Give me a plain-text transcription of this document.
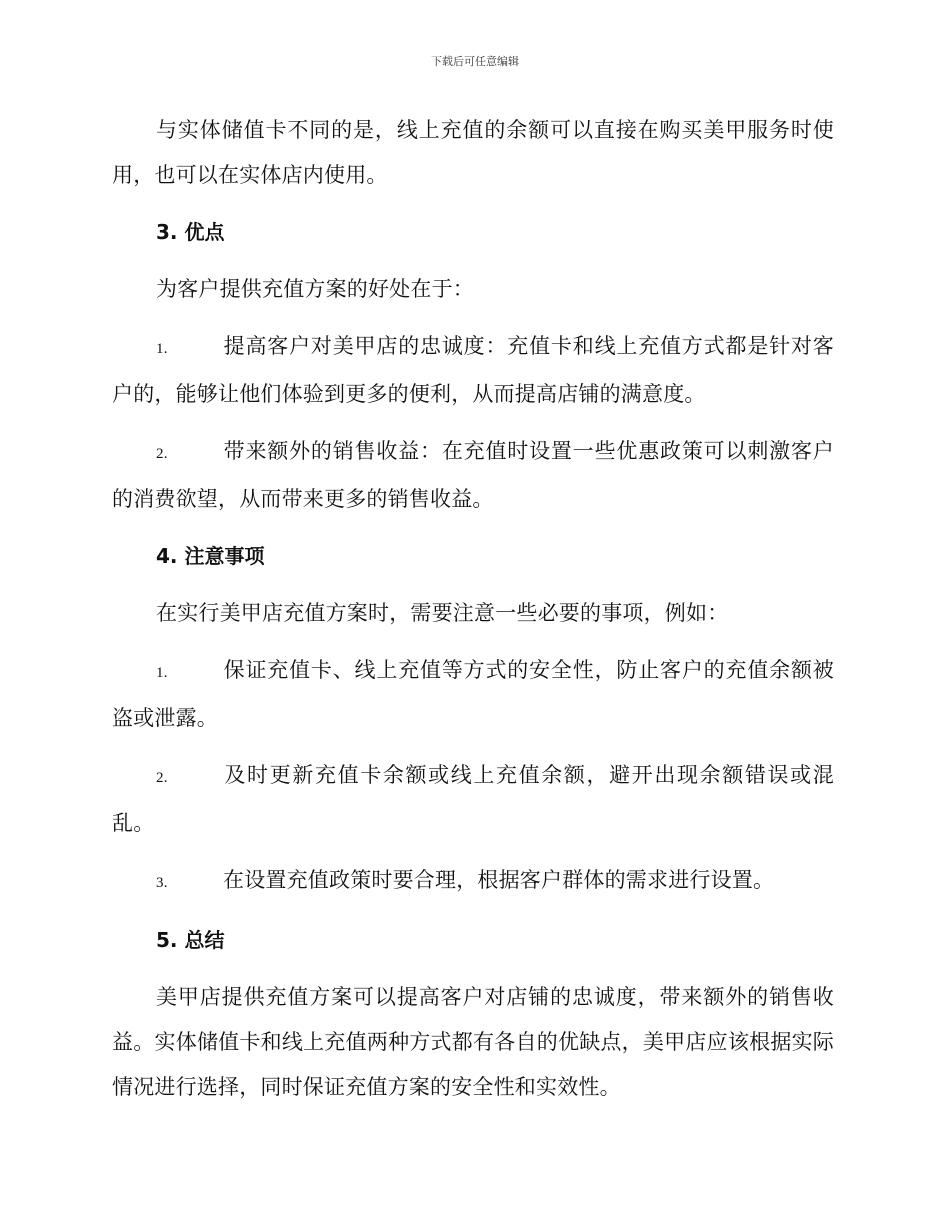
下载后可任意编辑

与实体储值卡不同的是，线上充值的余额可以直接在购买美甲服务时使用，也可以在实体店内使用。

3. 优点

为客户提供充值方案的好处在于：

1.	提高客户对美甲店的忠诚度：充值卡和线上充值方式都是针对客户的，能够让他们体验到更多的便利，从而提高店铺的满意度。

2.	带来额外的销售收益：在充值时设置一些优惠政策可以刺激客户的消费欲望，从而带来更多的销售收益。

4. 注意事项

在实行美甲店充值方案时，需要注意一些必要的事项，例如：

1.	保证充值卡、线上充值等方式的安全性，防止客户的充值余额被盗或泄露。

2.	及时更新充值卡余额或线上充值余额，避开出现余额错误或混乱。

3.	在设置充值政策时要合理，根据客户群体的需求进行设置。

5. 总结

美甲店提供充值方案可以提高客户对店铺的忠诚度，带来额外的销售收益。实体储值卡和线上充值两种方式都有各自的优缺点，美甲店应该根据实际情况进行选择，同时保证充值方案的安全性和实效性。
